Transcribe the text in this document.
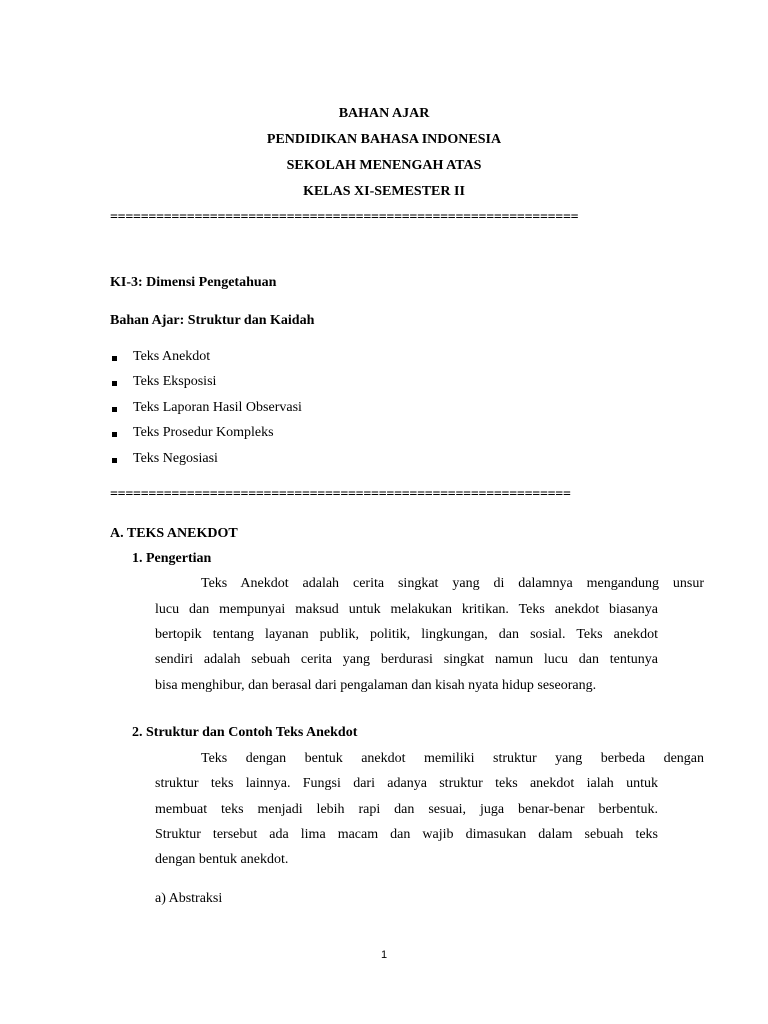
BAHAN AJAR
PENDIDIKAN BAHASA INDONESIA
SEKOLAH MENENGAH ATAS
KELAS XI-SEMESTER II
=============================================================
KI-3: Dimensi Pengetahuan
Bahan Ajar: Struktur dan Kaidah
Teks Anekdot
Teks Eksposisi
Teks Laporan Hasil Observasi
Teks Prosedur Kompleks
Teks Negosiasi
============================================================
A. TEKS ANEKDOT
1. Pengertian
Teks Anekdot adalah cerita singkat yang di dalamnya mengandung unsur
lucu dan mempunyai maksud untuk melakukan kritikan. Teks anekdot biasanya
bertopik tentang layanan publik, politik, lingkungan, dan sosial. Teks anekdot
sendiri adalah sebuah cerita yang berdurasi singkat namun lucu dan tentunya
bisa menghibur, dan berasal dari pengalaman dan kisah nyata hidup seseorang.
2. Struktur dan Contoh Teks Anekdot
Teks dengan bentuk anekdot memiliki struktur yang berbeda dengan
struktur teks lainnya. Fungsi dari adanya struktur teks anekdot ialah untuk
membuat teks menjadi lebih rapi dan sesuai, juga benar-benar berbentuk.
Struktur tersebut ada lima macam dan wajib dimasukan dalam sebuah teks
dengan bentuk anekdot.
a) Abstraksi
1
